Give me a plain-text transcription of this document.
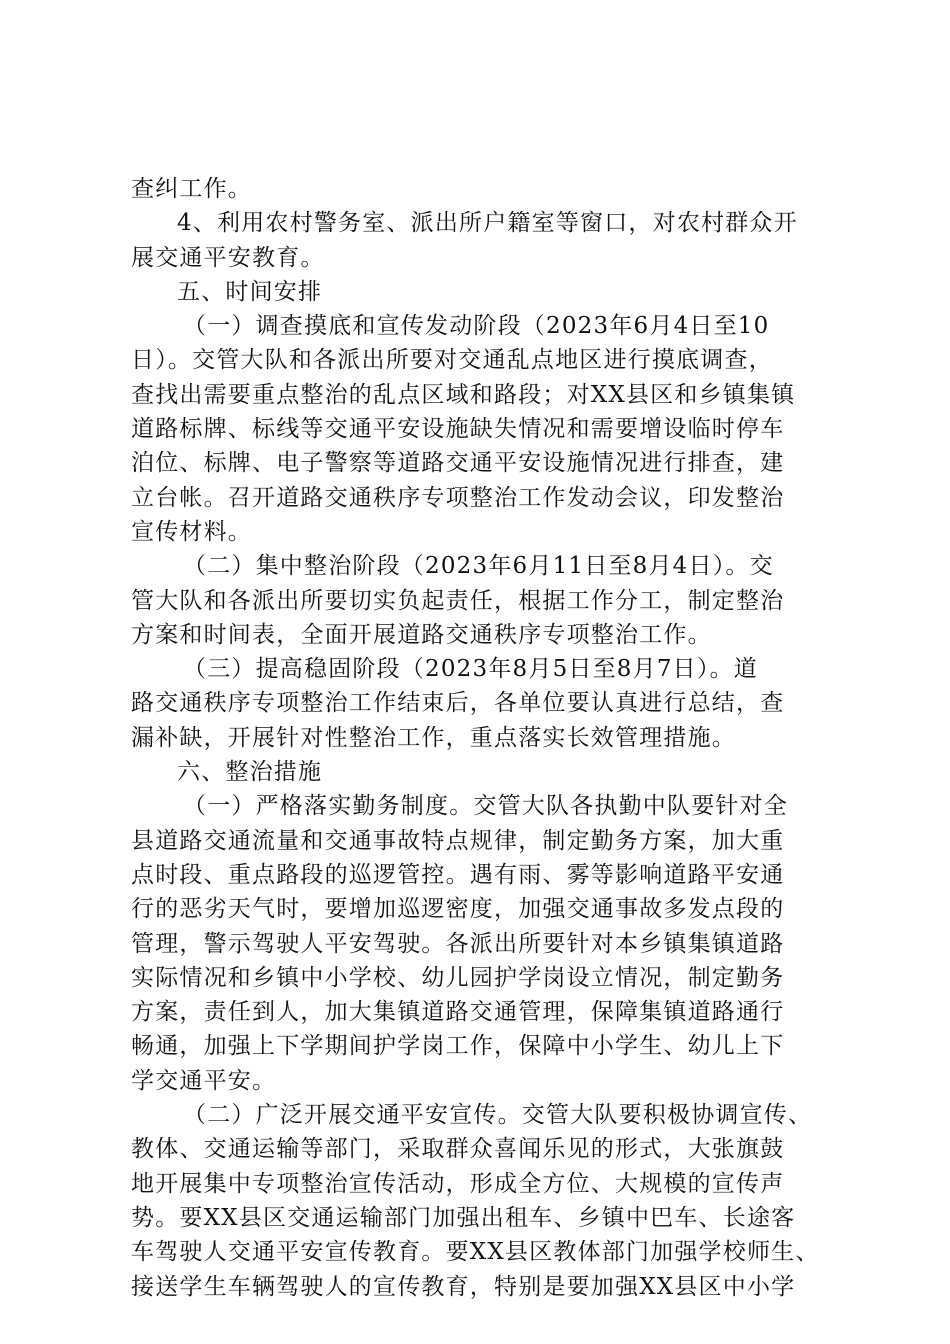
查纠工作。
4、利用农村警务室、派出所户籍室等窗口，对农村群众开
展交通平安教育。
五、时间安排
（一）调查摸底和宣传发动阶段（2023年6月4日至10
日）。交管大队和各派出所要对交通乱点地区进行摸底调查，
查找出需要重点整治的乱点区域和路段；对XX县区和乡镇集镇
道路标牌、标线等交通平安设施缺失情况和需要增设临时停车
泊位、标牌、电子警察等道路交通平安设施情况进行排查，建
立台帐。召开道路交通秩序专项整治工作发动会议，印发整治
宣传材料。
（二）集中整治阶段（2023年6月11日至8月4日）。交
管大队和各派出所要切实负起责任，根据工作分工，制定整治
方案和时间表，全面开展道路交通秩序专项整治工作。
（三）提高稳固阶段（2023年8月5日至8月7日）。道
路交通秩序专项整治工作结束后，各单位要认真进行总结，查
漏补缺，开展针对性整治工作，重点落实长效管理措施。
六、整治措施
（一）严格落实勤务制度。交管大队各执勤中队要针对全
县道路交通流量和交通事故特点规律，制定勤务方案，加大重
点时段、重点路段的巡逻管控。遇有雨、雾等影响道路平安通
行的恶劣天气时，要增加巡逻密度，加强交通事故多发点段的
管理，警示驾驶人平安驾驶。各派出所要针对本乡镇集镇道路
实际情况和乡镇中小学校、幼儿园护学岗设立情况，制定勤务
方案，责任到人，加大集镇道路交通管理，保障集镇道路通行
畅通，加强上下学期间护学岗工作，保障中小学生、幼儿上下
学交通平安。
（二）广泛开展交通平安宣传。交管大队要积极协调宣传、
教体、交通运输等部门，采取群众喜闻乐见的形式，大张旗鼓
地开展集中专项整治宣传活动，形成全方位、大规模的宣传声
势。要XX县区交通运输部门加强出租车、乡镇中巴车、长途客
车驾驶人交通平安宣传教育。要XX县区教体部门加强学校师生、
接送学生车辆驾驶人的宣传教育，特别是要加强XX县区中小学
